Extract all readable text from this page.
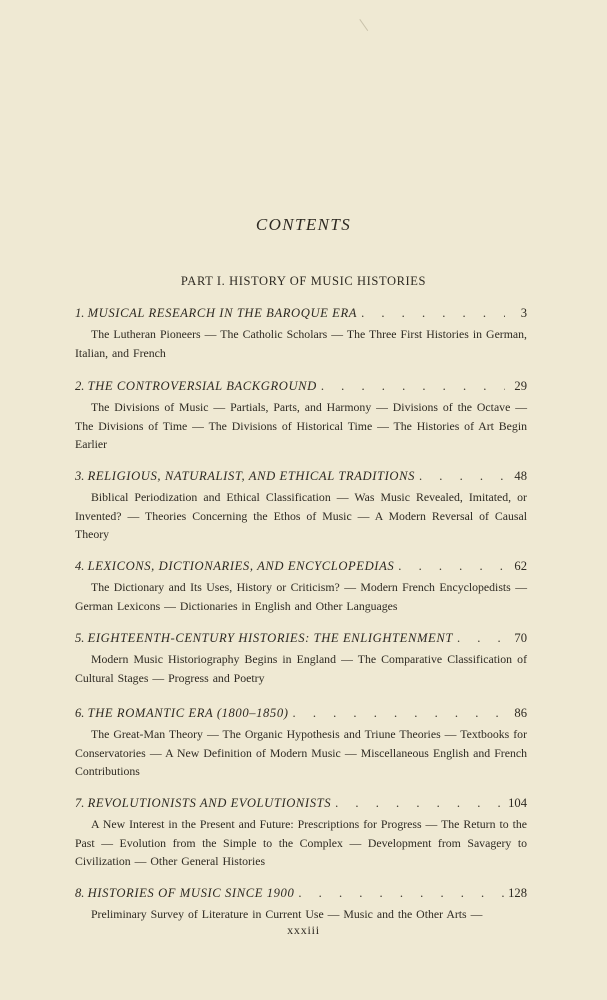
CONTENTS
PART I. HISTORY OF MUSIC HISTORIES
1. MUSICAL RESEARCH IN THE BAROQUE ERA . . .	3
The Lutheran Pioneers — The Catholic Scholars — The Three First Histories in German, Italian, and French
2. THE CONTROVERSIAL BACKGROUND . . .	29
The Divisions of Music — Partials, Parts, and Harmony — Divisions of the Octave — The Divisions of Time — The Divisions of Historical Time — The Histories of Art Begin Earlier
3. RELIGIOUS, NATURALIST, AND ETHICAL TRADITIONS . . .	48
Biblical Periodization and Ethical Classification — Was Music Revealed, Imitated, or Invented? — Theories Concerning the Ethos of Music — A Modern Reversal of Causal Theory
4. LEXICONS, DICTIONARIES, AND ENCYCLOPEDIAS . . .	62
The Dictionary and Its Uses, History or Criticism? — Modern French Encyclopedists — German Lexicons — Dictionaries in English and Other Languages
5. EIGHTEENTH-CENTURY HISTORIES: THE ENLIGHTENMENT . . .	70
Modern Music Historiography Begins in England — The Comparative Classification of Cultural Stages — Progress and Poetry
6. THE ROMANTIC ERA (1800–1850) . . .	86
The Great-Man Theory — The Organic Hypothesis and Triune Theories — Textbooks for Conservatories — A New Definition of Modern Music — Miscellaneous English and French Contributions
7. REVOLUTIONISTS AND EVOLUTIONISTS . . .	104
A New Interest in the Present and Future: Prescriptions for Progress — The Return to the Past — Evolution from the Simple to the Complex — Development from Savagery to Civilization — Other General Histories
8. HISTORIES OF MUSIC SINCE 1900 . . .	128
Preliminary Survey of Literature in Current Use — Music and the Other Arts —
xxxiii
